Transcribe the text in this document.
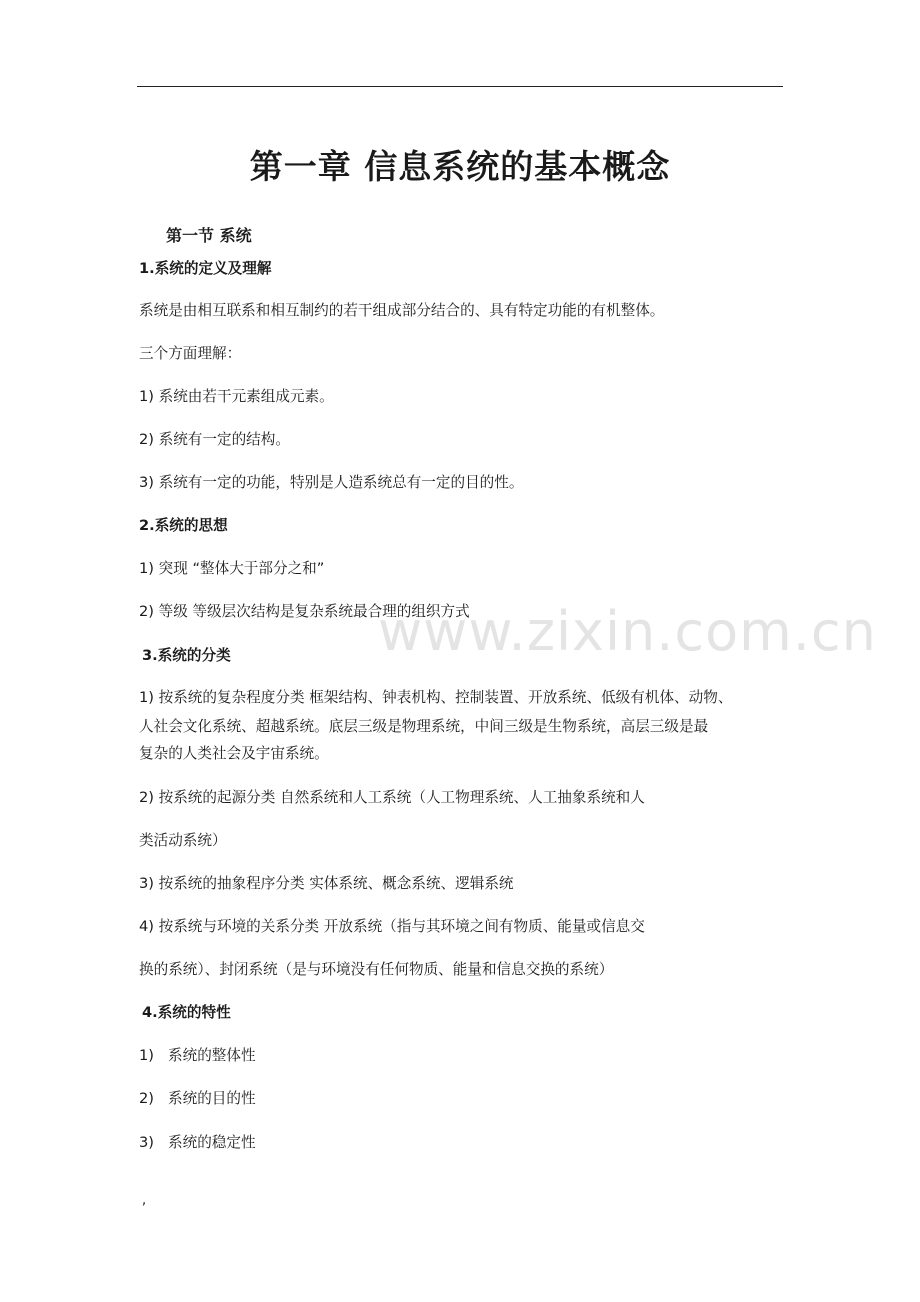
www.zixin.com.cn
第一章 信息系统的基本概念
第一节 系统
1.系统的定义及理解
系统是由相互联系和相互制约的若干组成部分结合的、具有特定功能的有机整体。
三个方面理解：
1) 系统由若干元素组成元素。
2) 系统有一定的结构。
3) 系统有一定的功能，特别是人造系统总有一定的目的性。
2.系统的思想
1) 突现 “整体大于部分之和”
2) 等级 等级层次结构是复杂系统最合理的组织方式
3.系统的分类
1) 按系统的复杂程度分类 框架结构、钟表机构、控制装置、开放系统、低级有机体、动物、
人社会文化系统、超越系统。底层三级是物理系统，中间三级是生物系统，高层三级是最
复杂的人类社会及宇宙系统。
2) 按系统的起源分类 自然系统和人工系统（人工物理系统、人工抽象系统和人
类活动系统）
3) 按系统的抽象程序分类 实体系统、概念系统、逻辑系统
4) 按系统与环境的关系分类 开放系统（指与其环境之间有物质、能量或信息交
换的系统）、封闭系统（是与环境没有任何物质、能量和信息交换的系统）
4.系统的特性
1) 系统的整体性
2) 系统的目的性
3) 系统的稳定性
,
